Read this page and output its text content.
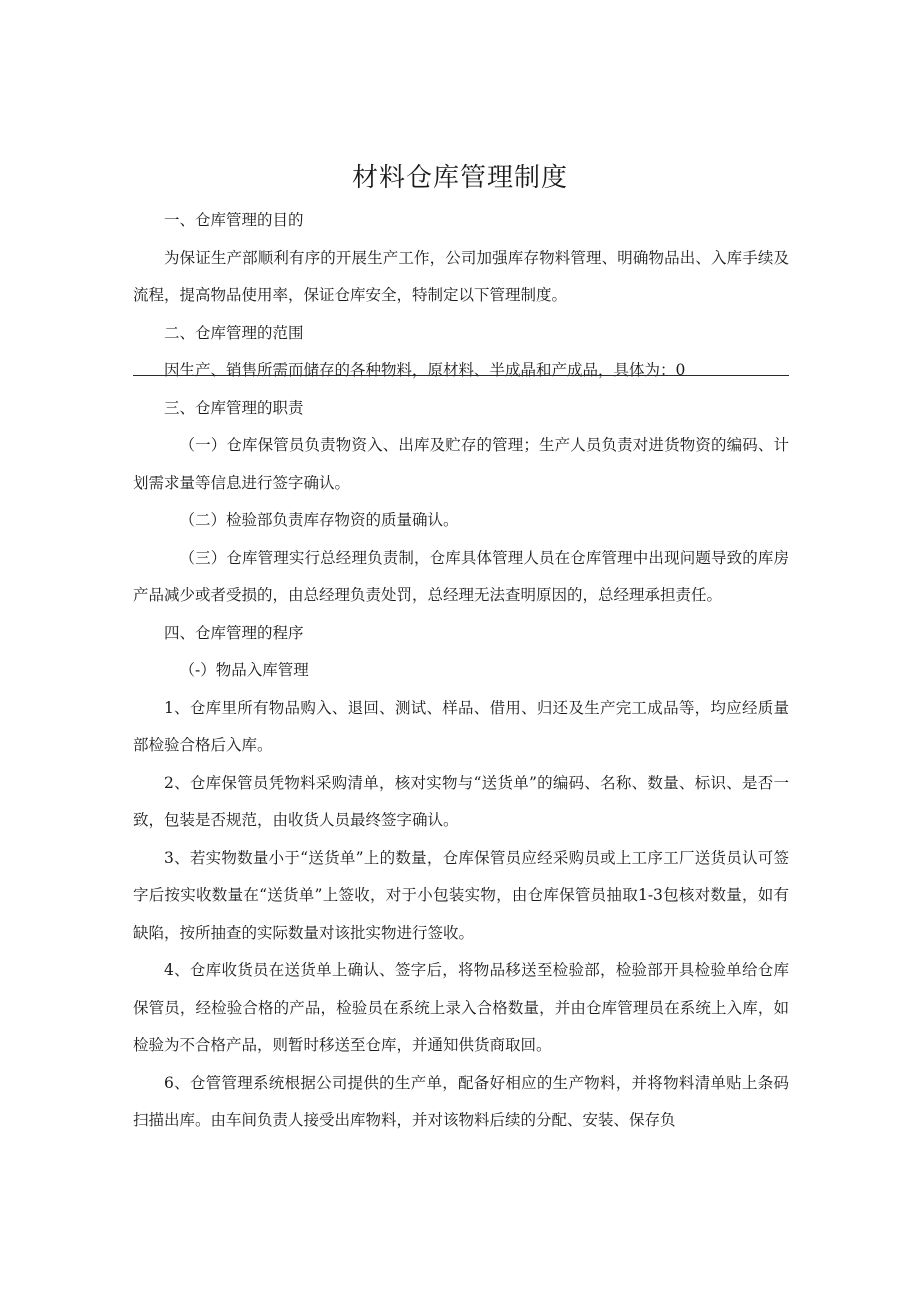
材料仓库管理制度

一、仓库管理的目的

为保证生产部顺利有序的开展生产工作，公司加强库存物料管理、明确物品出、入库手续及流程，提高物品使用率，保证仓库安全，特制定以下管理制度。

二、仓库管理的范围

因生产、销售所需而储存的各种物料，原材料、半成晶和产成品，具体为：0

三、仓库管理的职责

（一）仓库保管员负责物资入、出库及贮存的管理；生产人员负责对进货物资的编码、计划需求量等信息进行签字确认。

（二）检验部负责库存物资的质量确认。

（三）仓库管理实行总经理负责制，仓库具体管理人员在仓库管理中出现问题导致的库房产品减少或者受损的，由总经理负责处罚，总经理无法查明原因的，总经理承担责任。

四、仓库管理的程序

（-）物品入库管理

1、仓库里所有物品购入、退回、测试、样品、借用、归还及生产完工成品等，均应经质量部检验合格后入库。

2、仓库保管员凭物料采购清单，核对实物与“送货单”的编码、名称、数量、标识、是否一致，包装是否规范，由收货人员最终签字确认。

3、若实物数量小于“送货单”上的数量，仓库保管员应经采购员或上工序工厂送货员认可签字后按实收数量在“送货单”上签收，对于小包装实物，由仓库保管员抽取1-3包核对数量，如有缺陷，按所抽查的实际数量对该批实物进行签收。

4、仓库收货员在送货单上确认、签字后，将物品移送至检验部，检验部开具检验单给仓库保管员，经检验合格的产品，检验员在系统上录入合格数量，并由仓库管理员在系统上入库，如检验为不合格产品，则暂时移送至仓库，并通知供货商取回。

6、仓管管理系统根据公司提供的生产单，配备好相应的生产物料，并将物料清单贴上条码扫描出库。由车间负责人接受出库物料，并对该物料后续的分配、安装、保存负
